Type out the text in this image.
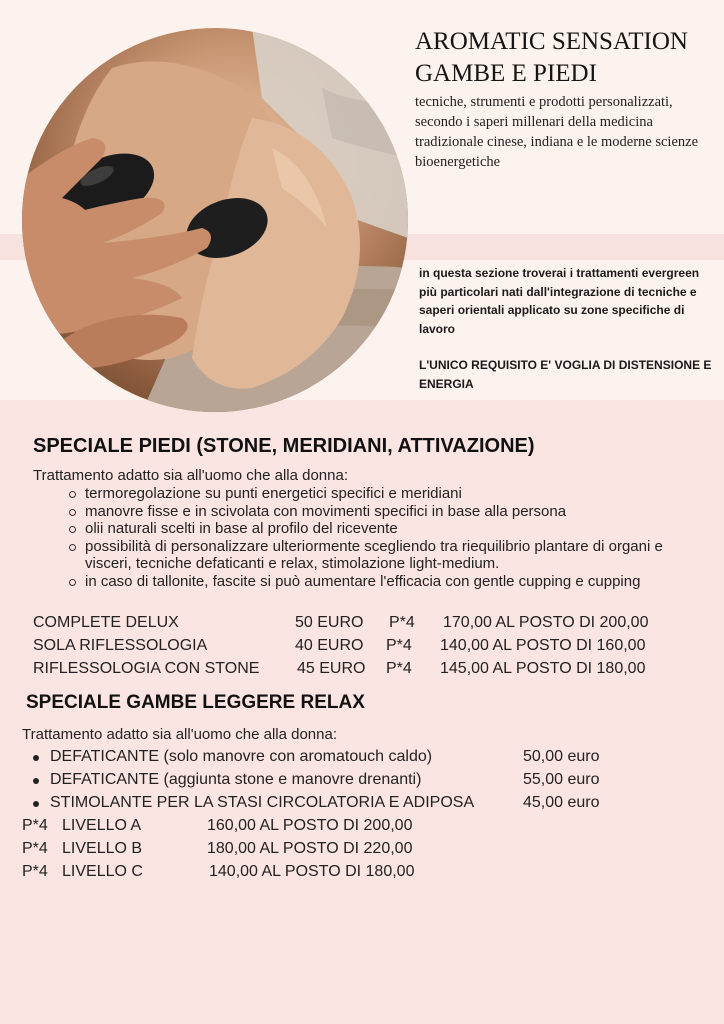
AROMATIC SENSATION
GAMBE E PIEDI
tecniche, strumenti e prodotti personalizzati, secondo i saperi millenari della medicina tradizionale cinese, indiana e le moderne scienze bioenergetiche

in questa sezione troverai i trattamenti evergreen più particolari nati dall'integrazione di tecniche e saperi orientali applicato su zone specifiche di lavoro

L'UNICO REQUISITO E' VOGLIA DI DISTENSIONE E ENERGIA

SPECIALE PIEDI (STONE, MERIDIANI, ATTIVAZIONE)
Trattamento adatto sia all'uomo che alla donna:
termoregolazione su punti energetici specifici e meridiani
manovre fisse e in scivolata con movimenti specifici in base alla persona
olii naturali scelti in base al profilo del ricevente
possibilità di personalizzare ulteriormente scegliendo tra riequilibrio plantare di organi e visceri, tecniche defaticanti e relax, stimolazione light-medium.
in caso di tallonite, fascite si può aumentare l'efficacia con gentle cupping e cupping
COMPLETE DELUX	50 EURO P*4 170,00 AL POSTO DI 200,00
SOLA RIFLESSOLOGIA	40 EURO P*4 140,00 AL POSTO DI 160,00
RIFLESSOLOGIA CON STONE 45 EURO P*4 145,00 AL POSTO DI 180,00
SPECIALE GAMBE LEGGERE RELAX
Trattamento adatto sia all'uomo che alla donna:
DEFATICANTE (solo manovre con aromatouch caldo)	50,00 euro
DEFATICANTE (aggiunta stone e manovre drenanti)	55,00 euro
STIMOLANTE PER LA STASI CIRCOLATORIA E ADIPOSA	45,00 euro
P*4 LIVELLO A	160,00 AL POSTO DI 200,00
P*4 LIVELLO B	180,00 AL POSTO DI 220,00
P*4 LIVELLO C	140,00 AL POSTO DI 180,00
